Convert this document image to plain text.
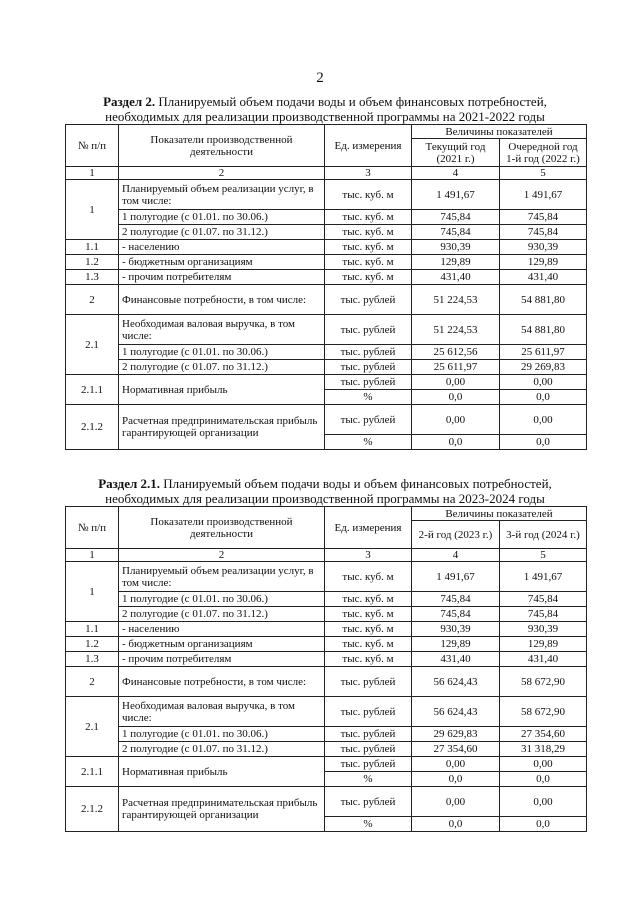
2
Раздел 2. Планируемый объем подачи воды и объем финансовых потребностей,
необходимых для реализации производственной программы на 2021-2022 годы
№ п/п	Показатели производственной деятельности	Ед. измерения	Величины показателей	
			Текущий год (2021 г.)	Очередной год 1-й год (2022 г.)
1	2	3	4	5
1	Планируемый объем реализации услуг, в том числе:	тыс. куб. м	1 491,67	1 491,67
	1 полугодие (с 01.01. по 30.06.)	тыс. куб. м	745,84	745,84
	2 полугодие (с 01.07. по 31.12.)	тыс. куб. м	745,84	745,84
1.1	- населению	тыс. куб. м	930,39	930,39
1.2	- бюджетным организациям	тыс. куб. м	129,89	129,89
1.3	- прочим потребителям	тыс. куб. м	431,40	431,40
2	Финансовые потребности, в том числе:	тыс. рублей	51 224,53	54 881,80
2.1	Необходимая валовая выручка, в том числе:	тыс. рублей	51 224,53	54 881,80
	1 полугодие (с 01.01. по 30.06.)	тыс. рублей	25 612,56	25 611,97
	2 полугодие (с 01.07. по 31.12.)	тыс. рублей	25 611,97	29 269,83
2.1.1	Нормативная прибыль	тыс. рублей	0,00	0,00
		%	0,0	0,0
2.1.2	Расчетная предпринимательская прибыль гарантирующей организации	тыс. рублей	0,00	0,00
		%	0,0	0,0
Раздел 2.1. Планируемый объем подачи воды и объем финансовых потребностей,
необходимых для реализации производственной программы на 2023-2024 годы
№ п/п	Показатели производственной деятельности	Ед. измерения	Величины показателей	
			2-й год (2023 г.)	3-й год (2024 г.)
1	2	3	4	5
1	Планируемый объем реализации услуг, в том числе:	тыс. куб. м	1 491,67	1 491,67
	1 полугодие (с 01.01. по 30.06.)	тыс. куб. м	745,84	745,84
	2 полугодие (с 01.07. по 31.12.)	тыс. куб. м	745,84	745,84
1.1	- населению	тыс. куб. м	930,39	930,39
1.2	- бюджетным организациям	тыс. куб. м	129,89	129,89
1.3	- прочим потребителям	тыс. куб. м	431,40	431,40
2	Финансовые потребности, в том числе:	тыс. рублей	56 624,43	58 672,90
2.1	Необходимая валовая выручка, в том числе:	тыс. рублей	56 624,43	58 672,90
	1 полугодие (с 01.01. по 30.06.)	тыс. рублей	29 629,83	27 354,60
	2 полугодие (с 01.07. по 31.12.)	тыс. рублей	27 354,60	31 318,29
2.1.1	Нормативная прибыль	тыс. рублей	0,00	0,00
		%	0,0	0,0
2.1.2	Расчетная предпринимательская прибыль гарантирующей организации	тыс. рублей	0,00	0,00
		%	0,0	0,0
